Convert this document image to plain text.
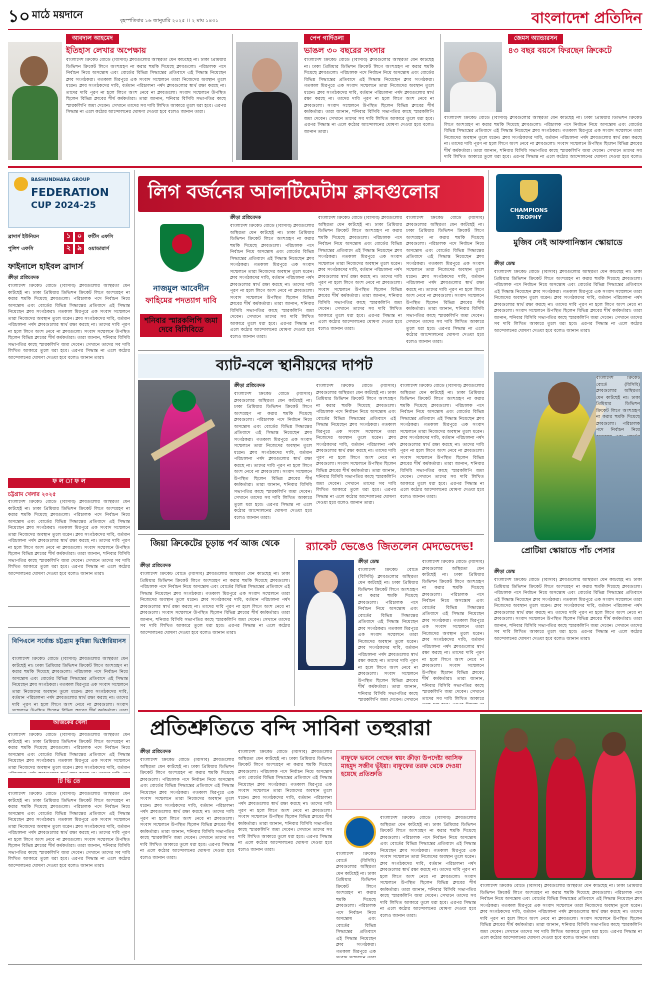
১০ মাঠে ময়দানে	বৃহস্পতিবার ১৬ জানুয়ারি ২০২৫ ।। ২ মাঘ ১৪৩১	বাংলাদেশ প্রতিদিন
আবদাল আহমেদ
ইতিহাস লেখার অপেক্ষায়
বাংলাদেশ ক্রিকেট বোর্ডে (বিসিবি) ক্লাবগুলোর অস্থিরতা যেন কাটছেই না। ঢাকা প্রিমিয়ার ডিভিশন ক্রিকেট লিগে অংশগ্রহণ না করার হুমকি দিয়েছে ক্লাবগুলো। পরিচালক পদে নির্বাচন নিয়ে অসন্তোষ এবং বোর্ডের বিভিন্ন সিদ্ধান্তের প্রতিবাদে এই সিদ্ধান্ত নিয়েছেন ক্লাব সংগঠকরা। গতকাল মিরপুরে এক সংবাদ সম্মেলনে তারা নিজেদের অবস্থান তুলে ধরেন। ক্লাব সংগঠকদের দাবি, বর্তমান পরিচালনা পর্ষদ ক্লাবগুলোর স্বার্থ রক্ষা করছে না। তাদের দাবি পূরণ না হলে লিগে অংশ নেবে না ক্লাবগুলো। সংবাদ সম্মেলনে উপস্থিত ছিলেন বিভিন্ন ক্লাবের শীর্ষ কর্মকর্তারা। তারা জানান, শনিবার বিসিবি সভাপতির কাছে স্মারকলিপি জমা দেবেন। সেখানে তাদের সব দাবি লিখিত আকারে তুলে ধরা হবে। এরপর সিদ্ধান্ত না এলে কঠোর আন্দোলনের ঘোষণা দেওয়া হবে বলেও জানান তারা।
পেপ গার্দিওলা
ভাঙল ৩০ বছরের সংসার
বাংলাদেশ ক্রিকেট বোর্ডে (বিসিবি) ক্লাবগুলোর অস্থিরতা যেন কাটছেই না। ঢাকা প্রিমিয়ার ডিভিশন ক্রিকেট লিগে অংশগ্রহণ না করার হুমকি দিয়েছে ক্লাবগুলো। পরিচালক পদে নির্বাচন নিয়ে অসন্তোষ এবং বোর্ডের বিভিন্ন সিদ্ধান্তের প্রতিবাদে এই সিদ্ধান্ত নিয়েছেন ক্লাব সংগঠকরা। গতকাল মিরপুরে এক সংবাদ সম্মেলনে তারা নিজেদের অবস্থান তুলে ধরেন। ক্লাব সংগঠকদের দাবি, বর্তমান পরিচালনা পর্ষদ ক্লাবগুলোর স্বার্থ রক্ষা করছে না। তাদের দাবি পূরণ না হলে লিগে অংশ নেবে না ক্লাবগুলো। সংবাদ সম্মেলনে উপস্থিত ছিলেন বিভিন্ন ক্লাবের শীর্ষ কর্মকর্তারা। তারা জানান, শনিবার বিসিবি সভাপতির কাছে স্মারকলিপি জমা দেবেন। সেখানে তাদের সব দাবি লিখিত আকারে তুলে ধরা হবে। এরপর সিদ্ধান্ত না এলে কঠোর আন্দোলনের ঘোষণা দেওয়া হবে বলেও জানান তারা।
জেমস অ্যান্ডারসন
৪৩ বছর বয়সে ফিরছেন ক্রিকেটে
বাংলাদেশ ক্রিকেট বোর্ডে (বিসিবি) ক্লাবগুলোর অস্থিরতা যেন কাটছেই না। ঢাকা প্রিমিয়ার ডিভিশন ক্রিকেট লিগে অংশগ্রহণ না করার হুমকি দিয়েছে ক্লাবগুলো। পরিচালক পদে নির্বাচন নিয়ে অসন্তোষ এবং বোর্ডের বিভিন্ন সিদ্ধান্তের প্রতিবাদে এই সিদ্ধান্ত নিয়েছেন ক্লাব সংগঠকরা। গতকাল মিরপুরে এক সংবাদ সম্মেলনে তারা নিজেদের অবস্থান তুলে ধরেন। ক্লাব সংগঠকদের দাবি, বর্তমান পরিচালনা পর্ষদ ক্লাবগুলোর স্বার্থ রক্ষা করছে না। তাদের দাবি পূরণ না হলে লিগে অংশ নেবে না ক্লাবগুলো। সংবাদ সম্মেলনে উপস্থিত ছিলেন বিভিন্ন ক্লাবের শীর্ষ কর্মকর্তারা। তারা জানান, শনিবার বিসিবি সভাপতির কাছে স্মারকলিপি জমা দেবেন। সেখানে তাদের সব দাবি লিখিত আকারে তুলে ধরা হবে। এরপর সিদ্ধান্ত না এলে কঠোর আন্দোলনের ঘোষণা দেওয়া হবে বলেও
BASHUNDHARA GROUP
FEDERATION
CUP 2024-25
ব্রাদার্স ইউনিয়ন	১ ০	ফর্টিস এফসি
পুলিশ এফসি	২ ৯	ওয়ান্ডারার্স
ফাইনালে হাইবল ব্রাদার্স
ক্রীড়া প্রতিবেদক
বাংলাদেশ ক্রিকেট বোর্ডে (বিসিবি) ক্লাবগুলোর অস্থিরতা যেন কাটছেই না। ঢাকা প্রিমিয়ার ডিভিশন ক্রিকেট লিগে অংশগ্রহণ না করার হুমকি দিয়েছে ক্লাবগুলো। পরিচালক পদে নির্বাচন নিয়ে অসন্তোষ এবং বোর্ডের বিভিন্ন সিদ্ধান্তের প্রতিবাদে এই সিদ্ধান্ত নিয়েছেন ক্লাব সংগঠকরা। গতকাল মিরপুরে এক সংবাদ সম্মেলনে তারা নিজেদের অবস্থান তুলে ধরেন। ক্লাব সংগঠকদের দাবি, বর্তমান পরিচালনা পর্ষদ ক্লাবগুলোর স্বার্থ রক্ষা করছে না। তাদের দাবি পূরণ না হলে লিগে অংশ নেবে না ক্লাবগুলো। সংবাদ সম্মেলনে উপস্থিত ছিলেন বিভিন্ন ক্লাবের শীর্ষ কর্মকর্তারা। তারা জানান, শনিবার বিসিবি সভাপতির কাছে স্মারকলিপি জমা দেবেন। সেখানে তাদের সব দাবি লিখিত আকারে তুলে ধরা হবে। এরপর সিদ্ধান্ত না এলে কঠোর আন্দোলনের ঘোষণা দেওয়া হবে বলেও জানান তারা।
ফ ল া ফ ল
চট্টগ্রাম খেলার ২০২৫
বাংলাদেশ ক্রিকেট বোর্ডে (বিসিবি) ক্লাবগুলোর অস্থিরতা যেন কাটছেই না। ঢাকা প্রিমিয়ার ডিভিশন ক্রিকেট লিগে অংশগ্রহণ না করার হুমকি দিয়েছে ক্লাবগুলো। পরিচালক পদে নির্বাচন নিয়ে অসন্তোষ এবং বোর্ডের বিভিন্ন সিদ্ধান্তের প্রতিবাদে এই সিদ্ধান্ত নিয়েছেন ক্লাব সংগঠকরা। গতকাল মিরপুরে এক সংবাদ সম্মেলনে তারা নিজেদের অবস্থান তুলে ধরেন। ক্লাব সংগঠকদের দাবি, বর্তমান পরিচালনা পর্ষদ ক্লাবগুলোর স্বার্থ রক্ষা করছে না। তাদের দাবি পূরণ না হলে লিগে অংশ নেবে না ক্লাবগুলো। সংবাদ সম্মেলনে উপস্থিত ছিলেন বিভিন্ন ক্লাবের শীর্ষ কর্মকর্তারা। তারা জানান, শনিবার বিসিবি সভাপতির কাছে স্মারকলিপি জমা দেবেন। সেখানে তাদের সব দাবি লিখিত আকারে তুলে ধরা হবে। এরপর সিদ্ধান্ত না এলে কঠোর আন্দোলনের ঘোষণা দেওয়া হবে বলেও জানান তারা।
বিপিএলে সর্বোচ্চ চট্টগ্রাম কুমিল্লা ভিক্টোরিয়ানস
বাংলাদেশ ক্রিকেট বোর্ডে (বিসিবি) ক্লাবগুলোর অস্থিরতা যেন কাটছেই না। ঢাকা প্রিমিয়ার ডিভিশন ক্রিকেট লিগে অংশগ্রহণ না করার হুমকি দিয়েছে ক্লাবগুলো। পরিচালক পদে নির্বাচন নিয়ে অসন্তোষ এবং বোর্ডের বিভিন্ন সিদ্ধান্তের প্রতিবাদে এই সিদ্ধান্ত নিয়েছেন ক্লাব সংগঠকরা। গতকাল মিরপুরে এক সংবাদ সম্মেলনে তারা নিজেদের অবস্থান তুলে ধরেন। ক্লাব সংগঠকদের দাবি, বর্তমান পরিচালনা পর্ষদ ক্লাবগুলোর স্বার্থ রক্ষা করছে না। তাদের দাবি পূরণ না হলে লিগে অংশ নেবে না ক্লাবগুলো। সংবাদ
আজকের খেলা
বাংলাদেশ ক্রিকেট বোর্ডে (বিসিবি) ক্লাবগুলোর অস্থিরতা যেন কাটছেই না। ঢাকা প্রিমিয়ার ডিভিশন ক্রিকেট লিগে অংশগ্রহণ না করার হুমকি দিয়েছে ক্লাবগুলো। পরিচালক পদে নির্বাচন নিয়ে অসন্তোষ এবং বোর্ডের বিভিন্ন সিদ্ধান্তের প্রতিবাদে এই সিদ্ধান্ত নিয়েছেন ক্লাব সংগঠকরা। গতকাল মিরপুরে এক সংবাদ সম্মেলনে তারা নিজেদের অবস্থান তুলে ধরেন। ক্লাব সংগঠকদের দাবি, বর্তমান
টি ভি তে
বাংলাদেশ ক্রিকেট বোর্ডে (বিসিবি) ক্লাবগুলোর অস্থিরতা যেন কাটছেই না। ঢাকা প্রিমিয়ার ডিভিশন ক্রিকেট লিগে অংশগ্রহণ না করার হুমকি দিয়েছে ক্লাবগুলো। পরিচালক পদে নির্বাচন নিয়ে অসন্তোষ এবং বোর্ডের বিভিন্ন সিদ্ধান্তের প্রতিবাদে এই সিদ্ধান্ত নিয়েছেন ক্লাব সংগঠকরা। গতকাল মিরপুরে এক সংবাদ সম্মেলনে তারা নিজেদের অবস্থান তুলে ধরেন। ক্লাব সংগঠকদের দাবি, বর্তমান পরিচালনা পর্ষদ ক্লাবগুলোর স্বার্থ রক্ষা করছে না। তাদের দাবি পূরণ না হলে লিগে অংশ নেবে না ক্লাবগুলো। সংবাদ সম্মেলনে উপস্থিত ছিলেন বিভিন্ন ক্লাবের শীর্ষ কর্মকর্তারা। তারা জানান, শনিবার বিসিবি সভাপতির কাছে স্মারকলিপি জমা দেবেন। সেখানে তাদের সব দাবি লিখিত আকারে তুলে ধরা হবে। এরপর সিদ্ধান্ত না এলে কঠোর আন্দোলনের ঘোষণা দেওয়া হবে বলেও জানান তারা।
লিগ বর্জনের আলটিমেটাম ক্লাবগুলোর
নাজমুল আবেদীন
ফাহিমের পদত্যাগ দাবি
শনিবার স্মারকলিপি জমা দেবে বিসিবিতে
ক্রীড়া প্রতিবেদক
বাংলাদেশ ক্রিকেট বোর্ডে (বিসিবি) ক্লাবগুলোর অস্থিরতা যেন কাটছেই না। ঢাকা প্রিমিয়ার ডিভিশন ক্রিকেট লিগে অংশগ্রহণ না করার হুমকি দিয়েছে ক্লাবগুলো। পরিচালক পদে নির্বাচন নিয়ে অসন্তোষ এবং বোর্ডের বিভিন্ন সিদ্ধান্তের প্রতিবাদে এই সিদ্ধান্ত নিয়েছেন ক্লাব সংগঠকরা। গতকাল মিরপুরে এক সংবাদ সম্মেলনে তারা নিজেদের অবস্থান তুলে ধরেন। ক্লাব সংগঠকদের দাবি, বর্তমান পরিচালনা পর্ষদ ক্লাবগুলোর স্বার্থ রক্ষা করছে না। তাদের দাবি পূরণ না হলে লিগে অংশ নেবে না ক্লাবগুলো। সংবাদ সম্মেলনে উপস্থিত ছিলেন বিভিন্ন ক্লাবের শীর্ষ কর্মকর্তারা। তারা জানান, শনিবার বিসিবি সভাপতির কাছে স্মারকলিপি জমা দেবেন। সেখানে তাদের সব দাবি লিখিত আকারে তুলে ধরা হবে। এরপর সিদ্ধান্ত না এলে কঠোর আন্দোলনের ঘোষণা দেওয়া হবে বলেও জানান তারা।
বাংলাদেশ ক্রিকেট বোর্ডে (বিসিবি) ক্লাবগুলোর অস্থিরতা যেন কাটছেই না। ঢাকা প্রিমিয়ার ডিভিশন ক্রিকেট লিগে অংশগ্রহণ না করার হুমকি দিয়েছে ক্লাবগুলো। পরিচালক পদে নির্বাচন নিয়ে অসন্তোষ এবং বোর্ডের বিভিন্ন সিদ্ধান্তের প্রতিবাদে এই সিদ্ধান্ত নিয়েছেন ক্লাব সংগঠকরা। গতকাল মিরপুরে এক সংবাদ সম্মেলনে তারা নিজেদের অবস্থান তুলে ধরেন। ক্লাব সংগঠকদের দাবি, বর্তমান পরিচালনা পর্ষদ ক্লাবগুলোর স্বার্থ রক্ষা করছে না। তাদের দাবি পূরণ না হলে লিগে অংশ নেবে না ক্লাবগুলো। সংবাদ সম্মেলনে উপস্থিত ছিলেন বিভিন্ন ক্লাবের শীর্ষ কর্মকর্তারা। তারা জানান, শনিবার বিসিবি সভাপতির কাছে স্মারকলিপি জমা দেবেন। সেখানে তাদের সব দাবি লিখিত আকারে তুলে ধরা হবে। এরপর সিদ্ধান্ত না এলে কঠোর আন্দোলনের ঘোষণা দেওয়া হবে বলেও জানান তারা।
বাংলাদেশ ক্রিকেট বোর্ডে (বিসিবি) ক্লাবগুলোর অস্থিরতা যেন কাটছেই না। ঢাকা প্রিমিয়ার ডিভিশন ক্রিকেট লিগে অংশগ্রহণ না করার হুমকি দিয়েছে ক্লাবগুলো। পরিচালক পদে নির্বাচন নিয়ে অসন্তোষ এবং বোর্ডের বিভিন্ন সিদ্ধান্তের প্রতিবাদে এই সিদ্ধান্ত নিয়েছেন ক্লাব সংগঠকরা। গতকাল মিরপুরে এক সংবাদ সম্মেলনে তারা নিজেদের অবস্থান তুলে ধরেন। ক্লাব সংগঠকদের দাবি, বর্তমান পরিচালনা পর্ষদ ক্লাবগুলোর স্বার্থ রক্ষা করছে না। তাদের দাবি পূরণ না হলে লিগে অংশ নেবে না ক্লাবগুলো। সংবাদ সম্মেলনে উপস্থিত ছিলেন বিভিন্ন ক্লাবের শীর্ষ কর্মকর্তারা। তারা জানান, শনিবার বিসিবি সভাপতির কাছে স্মারকলিপি জমা দেবেন। সেখানে তাদের সব দাবি লিখিত আকারে তুলে ধরা হবে। এরপর সিদ্ধান্ত না এলে কঠোর আন্দোলনের ঘোষণা দেওয়া হবে বলেও জানান তারা।
ব্যাট-বলে স্থানীয়দের দাপট
ক্রীড়া প্রতিবেদক
বাংলাদেশ ক্রিকেট বোর্ডে (বিসিবি) ক্লাবগুলোর অস্থিরতা যেন কাটছেই না। ঢাকা প্রিমিয়ার ডিভিশন ক্রিকেট লিগে অংশগ্রহণ না করার হুমকি দিয়েছে ক্লাবগুলো। পরিচালক পদে নির্বাচন নিয়ে অসন্তোষ এবং বোর্ডের বিভিন্ন সিদ্ধান্তের প্রতিবাদে এই সিদ্ধান্ত নিয়েছেন ক্লাব সংগঠকরা। গতকাল মিরপুরে এক সংবাদ সম্মেলনে তারা নিজেদের অবস্থান তুলে ধরেন। ক্লাব সংগঠকদের দাবি, বর্তমান পরিচালনা পর্ষদ ক্লাবগুলোর স্বার্থ রক্ষা করছে না। তাদের দাবি পূরণ না হলে লিগে অংশ নেবে না ক্লাবগুলো। সংবাদ সম্মেলনে উপস্থিত ছিলেন বিভিন্ন ক্লাবের শীর্ষ কর্মকর্তারা। তারা জানান, শনিবার বিসিবি সভাপতির কাছে স্মারকলিপি জমা দেবেন। সেখানে তাদের সব দাবি লিখিত আকারে তুলে ধরা হবে। এরপর সিদ্ধান্ত না এলে কঠোর আন্দোলনের ঘোষণা দেওয়া হবে বলেও জানান তারা।
বাংলাদেশ ক্রিকেট বোর্ডে (বিসিবি) ক্লাবগুলোর অস্থিরতা যেন কাটছেই না। ঢাকা প্রিমিয়ার ডিভিশন ক্রিকেট লিগে অংশগ্রহণ না করার হুমকি দিয়েছে ক্লাবগুলো। পরিচালক পদে নির্বাচন নিয়ে অসন্তোষ এবং বোর্ডের বিভিন্ন সিদ্ধান্তের প্রতিবাদে এই সিদ্ধান্ত নিয়েছেন ক্লাব সংগঠকরা। গতকাল মিরপুরে এক সংবাদ সম্মেলনে তারা নিজেদের অবস্থান তুলে ধরেন। ক্লাব সংগঠকদের দাবি, বর্তমান পরিচালনা পর্ষদ ক্লাবগুলোর স্বার্থ রক্ষা করছে না। তাদের দাবি পূরণ না হলে লিগে অংশ নেবে না ক্লাবগুলো। সংবাদ সম্মেলনে উপস্থিত ছিলেন বিভিন্ন ক্লাবের শীর্ষ কর্মকর্তারা। তারা জানান, শনিবার বিসিবি সভাপতির কাছে স্মারকলিপি জমা দেবেন। সেখানে তাদের সব দাবি লিখিত আকারে তুলে ধরা হবে। এরপর সিদ্ধান্ত না এলে কঠোর আন্দোলনের ঘোষণা দেওয়া হবে বলেও জানান তারা।
বাংলাদেশ ক্রিকেট বোর্ডে (বিসিবি) ক্লাবগুলোর অস্থিরতা যেন কাটছেই না। ঢাকা প্রিমিয়ার ডিভিশন ক্রিকেট লিগে অংশগ্রহণ না করার হুমকি দিয়েছে ক্লাবগুলো। পরিচালক পদে নির্বাচন নিয়ে অসন্তোষ এবং বোর্ডের বিভিন্ন সিদ্ধান্তের প্রতিবাদে এই সিদ্ধান্ত নিয়েছেন ক্লাব সংগঠকরা। গতকাল মিরপুরে এক সংবাদ সম্মেলনে তারা নিজেদের অবস্থান তুলে ধরেন। ক্লাব সংগঠকদের দাবি, বর্তমান পরিচালনা পর্ষদ ক্লাবগুলোর স্বার্থ রক্ষা করছে না। তাদের দাবি পূরণ না হলে লিগে অংশ নেবে না ক্লাবগুলো। সংবাদ সম্মেলনে উপস্থিত ছিলেন বিভিন্ন ক্লাবের শীর্ষ কর্মকর্তারা। তারা জানান, শনিবার বিসিবি সভাপতির কাছে স্মারকলিপি জমা দেবেন। সেখানে তাদের সব দাবি লিখিত আকারে তুলে ধরা হবে। এরপর সিদ্ধান্ত না এলে কঠোর আন্দোলনের ঘোষণা দেওয়া হবে বলেও জানান তারা।
জিয়া ক্রিকেটের চূড়ান্ত পর্ব আজ থেকে
ক্রীড়া প্রতিবেদক
বাংলাদেশ ক্রিকেট বোর্ডে (বিসিবি) ক্লাবগুলোর অস্থিরতা যেন কাটছেই না। ঢাকা প্রিমিয়ার ডিভিশন ক্রিকেট লিগে অংশগ্রহণ না করার হুমকি দিয়েছে ক্লাবগুলো। পরিচালক পদে নির্বাচন নিয়ে অসন্তোষ এবং বোর্ডের বিভিন্ন সিদ্ধান্তের প্রতিবাদে এই সিদ্ধান্ত নিয়েছেন ক্লাব সংগঠকরা। গতকাল মিরপুরে এক সংবাদ সম্মেলনে তারা নিজেদের অবস্থান তুলে ধরেন। ক্লাব সংগঠকদের দাবি, বর্তমান পরিচালনা পর্ষদ ক্লাবগুলোর স্বার্থ রক্ষা করছে না। তাদের দাবি পূরণ না হলে লিগে অংশ নেবে না ক্লাবগুলো। সংবাদ সম্মেলনে উপস্থিত ছিলেন বিভিন্ন ক্লাবের শীর্ষ কর্মকর্তারা। তারা জানান, শনিবার বিসিবি সভাপতির কাছে স্মারকলিপি জমা দেবেন। সেখানে তাদের সব দাবি লিখিত আকারে তুলে ধরা হবে। এরপর সিদ্ধান্ত না এলে কঠোর আন্দোলনের ঘোষণা দেওয়া হবে বলেও জানান তারা।
র‍্যাকেট ভেঙেও জিতলেন মেদভেদেভ!
ক্রীড়া ডেস্ক
বাংলাদেশ ক্রিকেট বোর্ডে (বিসিবি) ক্লাবগুলোর অস্থিরতা যেন কাটছেই না। ঢাকা প্রিমিয়ার ডিভিশন ক্রিকেট লিগে অংশগ্রহণ না করার হুমকি দিয়েছে ক্লাবগুলো। পরিচালক পদে নির্বাচন নিয়ে অসন্তোষ এবং বোর্ডের বিভিন্ন সিদ্ধান্তের প্রতিবাদে এই সিদ্ধান্ত নিয়েছেন ক্লাব সংগঠকরা। গতকাল মিরপুরে এক সংবাদ সম্মেলনে তারা নিজেদের অবস্থান তুলে ধরেন। ক্লাব সংগঠকদের দাবি, বর্তমান পরিচালনা পর্ষদ ক্লাবগুলোর স্বার্থ রক্ষা করছে না। তাদের দাবি পূরণ না হলে লিগে অংশ নেবে না ক্লাবগুলো। সংবাদ সম্মেলনে উপস্থিত ছিলেন বিভিন্ন ক্লাবের শীর্ষ কর্মকর্তারা। তারা জানান, শনিবার বিসিবি সভাপতির কাছে স্মারকলিপি জমা দেবেন। সেখানে
বাংলাদেশ ক্রিকেট বোর্ডে (বিসিবি) ক্লাবগুলোর অস্থিরতা যেন কাটছেই না। ঢাকা প্রিমিয়ার ডিভিশন ক্রিকেট লিগে অংশগ্রহণ না করার হুমকি দিয়েছে ক্লাবগুলো। পরিচালক পদে নির্বাচন নিয়ে অসন্তোষ এবং বোর্ডের বিভিন্ন সিদ্ধান্তের প্রতিবাদে এই সিদ্ধান্ত নিয়েছেন ক্লাব সংগঠকরা। গতকাল মিরপুরে এক সংবাদ সম্মেলনে তারা নিজেদের অবস্থান তুলে ধরেন। ক্লাব সংগঠকদের দাবি, বর্তমান পরিচালনা পর্ষদ ক্লাবগুলোর স্বার্থ রক্ষা করছে না। তাদের দাবি পূরণ না হলে লিগে অংশ নেবে না ক্লাবগুলো। সংবাদ সম্মেলনে উপস্থিত ছিলেন বিভিন্ন ক্লাবের শীর্ষ কর্মকর্তারা। তারা জানান, শনিবার বিসিবি সভাপতির কাছে স্মারকলিপি জমা দেবেন। সেখানে তাদের সব দাবি লিখিত আকারে
CHAMPIONS TROPHY
মুজিব নেই আফগানিস্তান স্কোয়াডে
ক্রীড়া ডেস্ক
বাংলাদেশ ক্রিকেট বোর্ডে (বিসিবি) ক্লাবগুলোর অস্থিরতা যেন কাটছেই না। ঢাকা প্রিমিয়ার ডিভিশন ক্রিকেট লিগে অংশগ্রহণ না করার হুমকি দিয়েছে ক্লাবগুলো। পরিচালক পদে নির্বাচন নিয়ে অসন্তোষ এবং বোর্ডের বিভিন্ন সিদ্ধান্তের প্রতিবাদে এই সিদ্ধান্ত নিয়েছেন ক্লাব সংগঠকরা। গতকাল মিরপুরে এক সংবাদ সম্মেলনে তারা নিজেদের অবস্থান তুলে ধরেন। ক্লাব সংগঠকদের দাবি, বর্তমান পরিচালনা পর্ষদ ক্লাবগুলোর স্বার্থ রক্ষা করছে না। তাদের দাবি পূরণ না হলে লিগে অংশ নেবে না ক্লাবগুলো। সংবাদ সম্মেলনে উপস্থিত ছিলেন বিভিন্ন ক্লাবের শীর্ষ কর্মকর্তারা। তারা জানান, শনিবার বিসিবি সভাপতির কাছে স্মারকলিপি জমা দেবেন। সেখানে তাদের সব দাবি লিখিত আকারে তুলে ধরা হবে। এরপর সিদ্ধান্ত না এলে কঠোর আন্দোলনের ঘোষণা দেওয়া হবে বলেও জানান তারা।
বাংলাদেশ ক্রিকেট বোর্ডে (বিসিবি) ক্লাবগুলোর অস্থিরতা যেন কাটছেই না। ঢাকা প্রিমিয়ার ডিভিশন ক্রিকেট লিগে অংশগ্রহণ না করার হুমকি দিয়েছে ক্লাবগুলো। পরিচালক পদে নির্বাচন নিয়ে
প্রোটিয়া স্কোয়াডে পাঁচ পেসার
ক্রীড়া ডেস্ক
বাংলাদেশ ক্রিকেট বোর্ডে (বিসিবি) ক্লাবগুলোর অস্থিরতা যেন কাটছেই না। ঢাকা প্রিমিয়ার ডিভিশন ক্রিকেট লিগে অংশগ্রহণ না করার হুমকি দিয়েছে ক্লাবগুলো। পরিচালক পদে নির্বাচন নিয়ে অসন্তোষ এবং বোর্ডের বিভিন্ন সিদ্ধান্তের প্রতিবাদে এই সিদ্ধান্ত নিয়েছেন ক্লাব সংগঠকরা। গতকাল মিরপুরে এক সংবাদ সম্মেলনে তারা নিজেদের অবস্থান তুলে ধরেন। ক্লাব সংগঠকদের দাবি, বর্তমান পরিচালনা পর্ষদ ক্লাবগুলোর স্বার্থ রক্ষা করছে না। তাদের দাবি পূরণ না হলে লিগে অংশ নেবে না ক্লাবগুলো। সংবাদ সম্মেলনে উপস্থিত ছিলেন বিভিন্ন ক্লাবের শীর্ষ কর্মকর্তারা। তারা জানান, শনিবার বিসিবি সভাপতির কাছে স্মারকলিপি জমা দেবেন। সেখানে তাদের সব দাবি লিখিত আকারে তুলে ধরা হবে। এরপর সিদ্ধান্ত না এলে কঠোর আন্দোলনের ঘোষণা দেওয়া হবে বলেও জানান তারা।
প্রতিশ্রুতিতে বন্দি সাবিনা তহুরারা
ক্রীড়া প্রতিবেদক
বাংলাদেশ ক্রিকেট বোর্ডে (বিসিবি) ক্লাবগুলোর অস্থিরতা যেন কাটছেই না। ঢাকা প্রিমিয়ার ডিভিশন ক্রিকেট লিগে অংশগ্রহণ না করার হুমকি দিয়েছে ক্লাবগুলো। পরিচালক পদে নির্বাচন নিয়ে অসন্তোষ এবং বোর্ডের বিভিন্ন সিদ্ধান্তের প্রতিবাদে এই সিদ্ধান্ত নিয়েছেন ক্লাব সংগঠকরা। গতকাল মিরপুরে এক সংবাদ সম্মেলনে তারা নিজেদের অবস্থান তুলে ধরেন। ক্লাব সংগঠকদের দাবি, বর্তমান পরিচালনা পর্ষদ ক্লাবগুলোর স্বার্থ রক্ষা করছে না। তাদের দাবি পূরণ না হলে লিগে অংশ নেবে না ক্লাবগুলো। সংবাদ সম্মেলনে উপস্থিত ছিলেন বিভিন্ন ক্লাবের শীর্ষ কর্মকর্তারা। তারা জানান, শনিবার বিসিবি সভাপতির কাছে স্মারকলিপি জমা দেবেন। সেখানে তাদের সব দাবি লিখিত আকারে তুলে ধরা হবে। এরপর সিদ্ধান্ত না এলে কঠোর আন্দোলনের ঘোষণা দেওয়া হবে বলেও জানান তারা।
বাংলাদেশ ক্রিকেট বোর্ডে (বিসিবি) ক্লাবগুলোর অস্থিরতা যেন কাটছেই না। ঢাকা প্রিমিয়ার ডিভিশন ক্রিকেট লিগে অংশগ্রহণ না করার হুমকি দিয়েছে ক্লাবগুলো। পরিচালক পদে নির্বাচন নিয়ে অসন্তোষ এবং বোর্ডের বিভিন্ন সিদ্ধান্তের প্রতিবাদে এই সিদ্ধান্ত নিয়েছেন ক্লাব সংগঠকরা। গতকাল মিরপুরে এক সংবাদ সম্মেলনে তারা নিজেদের অবস্থান তুলে ধরেন। ক্লাব সংগঠকদের দাবি, বর্তমান পরিচালনা পর্ষদ ক্লাবগুলোর স্বার্থ রক্ষা করছে না। তাদের দাবি পূরণ না হলে লিগে অংশ নেবে না ক্লাবগুলো। সংবাদ সম্মেলনে উপস্থিত ছিলেন বিভিন্ন ক্লাবের শীর্ষ কর্মকর্তারা। তারা জানান, শনিবার বিসিবি সভাপতির কাছে স্মারকলিপি জমা দেবেন। সেখানে তাদের সব দাবি লিখিত আকারে তুলে ধরা হবে। এরপর সিদ্ধান্ত না এলে কঠোর আন্দোলনের ঘোষণা দেওয়া হবে বলেও জানান তারা।
বাফুফে ভবনে গেছেন স্বয়ং ক্রীড়া উপদেষ্টা আসিফ মাহমুদ সজীব ভূঁইয়া। বাফুফের তরফ থেকে দেওয়া হয়েছে প্রতিশ্রুতি
বাংলাদেশ ক্রিকেট বোর্ডে (বিসিবি) ক্লাবগুলোর অস্থিরতা যেন কাটছেই না। ঢাকা প্রিমিয়ার ডিভিশন ক্রিকেট লিগে অংশগ্রহণ না করার হুমকি দিয়েছে ক্লাবগুলো। পরিচালক পদে নির্বাচন নিয়ে অসন্তোষ এবং বোর্ডের বিভিন্ন সিদ্ধান্তের প্রতিবাদে এই সিদ্ধান্ত নিয়েছেন ক্লাব সংগঠকরা। গতকাল মিরপুরে এক সংবাদ সম্মেলনে তারা নিজেদের অবস্থান তুলে ধরেন। ক্লাব সংগঠকদের দাবি, বর্তমান পরিচালনা পর্ষদ ক্লাবগুলোর স্বার্থ রক্ষা করছে না। তাদের দাবি পূরণ না হলে লিগে অংশ নেবে না ক্লাবগুলো। সংবাদ সম্মেলনে উপস্থিত ছিলেন বিভিন্ন ক্লাবের শীর্ষ কর্মকর্তারা। তারা জানান, শনিবার বিসিবি সভাপতির কাছে স্মারকলিপি জমা দেবেন। সেখানে তাদের সব দাবি লিখিত আকারে তুলে ধরা হবে। এরপর সিদ্ধান্ত না এলে কঠোর আন্দোলনের ঘোষণা দেওয়া হবে বলেও জানান তারা।
বাংলাদেশ ক্রিকেট বোর্ডে (বিসিবি) ক্লাবগুলোর অস্থিরতা যেন কাটছেই না। ঢাকা প্রিমিয়ার ডিভিশন ক্রিকেট লিগে অংশগ্রহণ না করার হুমকি দিয়েছে ক্লাবগুলো। পরিচালক পদে নির্বাচন নিয়ে অসন্তোষ এবং বোর্ডের বিভিন্ন সিদ্ধান্তের প্রতিবাদে এই সিদ্ধান্ত নিয়েছেন ক্লাব সংগঠকরা। গতকাল মিরপুরে এক
বাংলাদেশ ক্রিকেট বোর্ডে (বিসিবি) ক্লাবগুলোর অস্থিরতা যেন কাটছেই না। ঢাকা প্রিমিয়ার ডিভিশন ক্রিকেট লিগে অংশগ্রহণ না করার হুমকি দিয়েছে ক্লাবগুলো। পরিচালক পদে নির্বাচন নিয়ে অসন্তোষ এবং বোর্ডের বিভিন্ন সিদ্ধান্তের প্রতিবাদে এই সিদ্ধান্ত নিয়েছেন ক্লাব সংগঠকরা। গতকাল মিরপুরে এক সংবাদ সম্মেলনে তারা নিজেদের অবস্থান তুলে ধরেন। ক্লাব সংগঠকদের দাবি, বর্তমান পরিচালনা পর্ষদ ক্লাবগুলোর স্বার্থ রক্ষা করছে না। তাদের দাবি পূরণ না হলে লিগে অংশ নেবে না ক্লাবগুলো। সংবাদ সম্মেলনে উপস্থিত ছিলেন বিভিন্ন ক্লাবের শীর্ষ কর্মকর্তারা। তারা জানান, শনিবার বিসিবি সভাপতির কাছে স্মারকলিপি জমা দেবেন। সেখানে তাদের সব দাবি লিখিত আকারে তুলে ধরা হবে। এরপর সিদ্ধান্ত না এলে কঠোর আন্দোলনের ঘোষণা দেওয়া হবে বলেও জানান তারা।
